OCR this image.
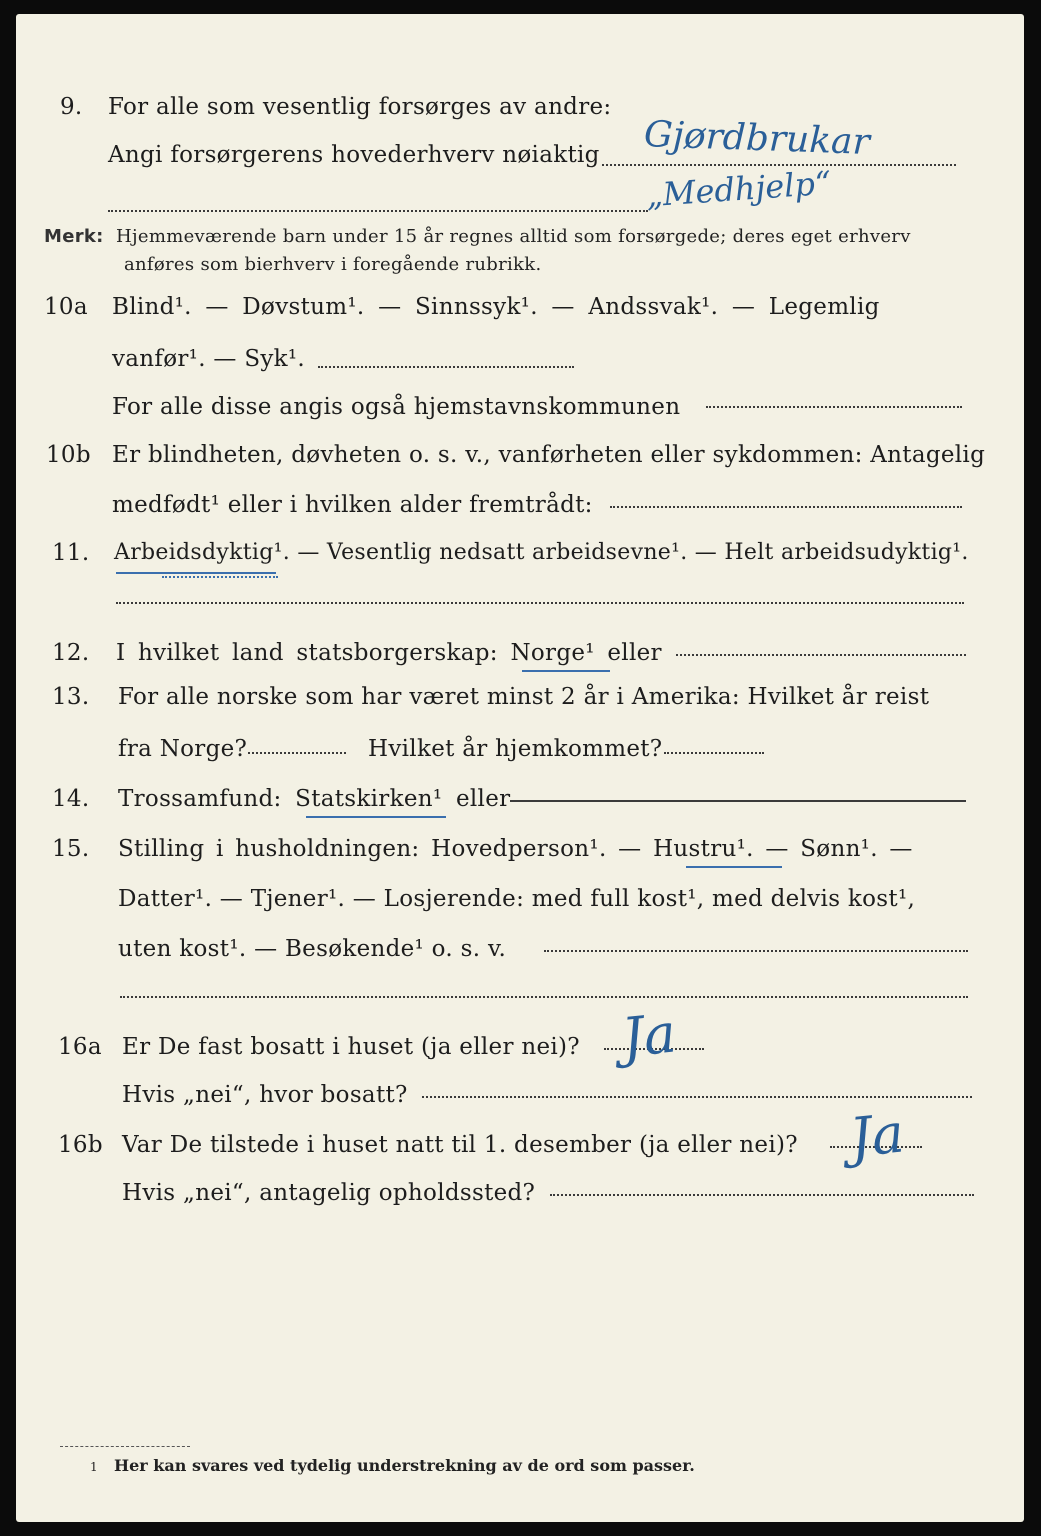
9. For alle som vesentlig forsørges av andre:
Angi forsørgerens hovederhverv nøiaktig Gjørdbrukar
„Medhjelp“
Merk: Hjemmeværende barn under 15 år regnes alltid som forsørgede; deres eget erhverv
anføres som bierhverv i foregående rubrikk.
10a Blind¹. — Døvstum¹. — Sinnssyk¹. — Andssvak¹. — Legemlig
vanfør¹. — Syk¹.
For alle disse angis også hjemstavnskommunen
10b Er blindheten, døvheten o. s. v., vanførheten eller sykdommen: Antagelig
medfødt¹ eller i hvilken alder fremtrådt:
11. Arbeidsdyktig¹. — Vesentlig nedsatt arbeidsevne¹. — Helt arbeidsudyktig¹.
12. I hvilket land statsborgerskap: Norge¹ eller
13. For alle norske som har været minst 2 år i Amerika: Hvilket år reist
fra Norge?	Hvilket år hjemkommet?
14. Trossamfund: Statskirken¹ eller
15. Stilling i husholdningen: Hovedperson¹. — Hustru¹. — Sønn¹. —
Datter¹. — Tjener¹. — Losjerende: med full kost¹, med delvis kost¹,
uten kost¹. — Besøkende¹ o. s. v.
16a Er De fast bosatt i huset (ja eller nei)? Ja
Hvis „nei“, hvor bosatt?
16b Var De tilstede i huset natt til 1. desember (ja eller nei)? Ja
Hvis „nei“, antagelig opholdssted?
1 Her kan svares ved tydelig understrekning av de ord som passer.
